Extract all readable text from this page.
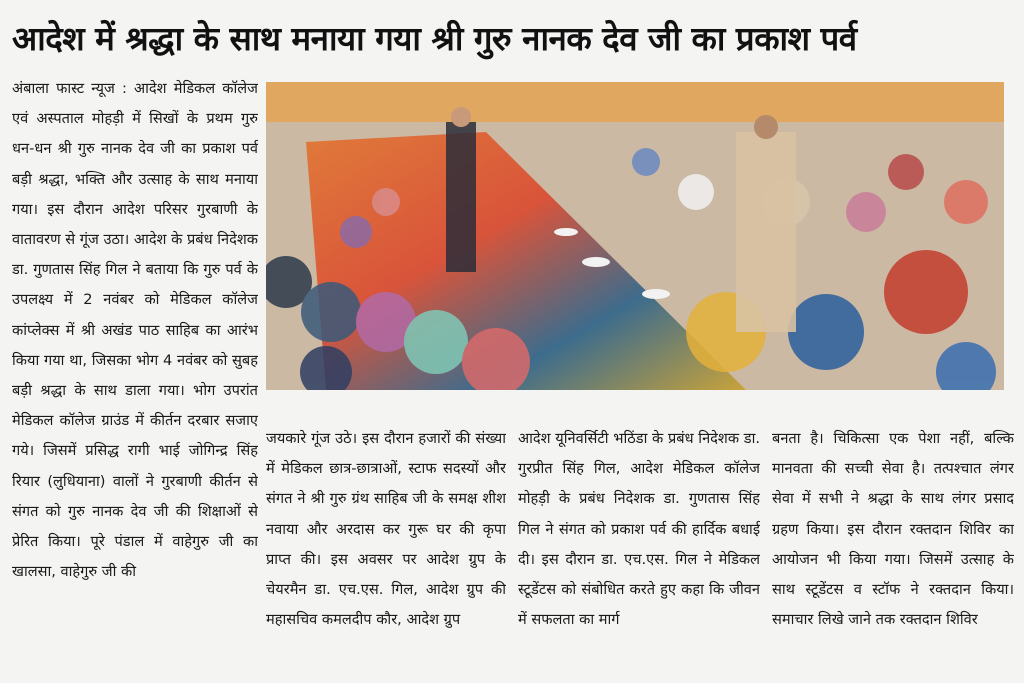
आदेश में श्रद्धा के साथ मनाया गया श्री गुरु नानक देव जी का प्रकाश पर्व

अंबाला फास्ट न्यूज : आदेश मेडिकल कॉलेज एवं अस्पताल मोहड़ी में सिखों के प्रथम गुरु धन-धन श्री गुरु नानक देव जी का प्रकाश पर्व बड़ी श्रद्धा, भक्ति और उत्साह के साथ मनाया गया। इस दौरान आदेश परिसर गुरबाणी के वातावरण से गूंज उठा। आदेश के प्रबंध निदेशक डा. गुणतास सिंह गिल ने बताया कि गुरु पर्व के उपलक्ष्य में 2 नवंबर को मेडिकल कॉलेज कांप्लेक्स में श्री अखंड पाठ साहिब का आरंभ किया गया था, जिसका भोग 4 नवंबर को सुबह बड़ी श्रद्धा के साथ डाला गया। भोग उपरांत मेडिकल कॉलेज ग्राउंड में कीर्तन दरबार सजाए गये। जिसमें प्रसिद्ध रागी भाई जोगिन्द्र सिंह रियार (लुधियाना) वालों ने गुरबाणी कीर्तन से संगत को गुरु नानक देव जी की शिक्षाओं से प्रेरित किया। पूरे पंडाल में वाहेगुरु जी का खालसा, वाहेगुरु जी की

जयकारे गूंज उठे। इस दौरान हजारों की संख्या में मेडिकल छात्र-छात्राओं, स्टाफ सदस्यों और संगत ने श्री गुरु ग्रंथ साहिब जी के समक्ष शीश नवाया और अरदास कर गुरू घर की कृपा प्राप्त की। इस अवसर पर आदेश ग्रुप के चेयरमैन डा. एच.एस. गिल, आदेश ग्रुप की महासचिव कमलदीप कौर, आदेश ग्रुप

आदेश यूनिवर्सिटी भठिंडा के प्रबंध निदेशक डा. गुरप्रीत सिंह गिल, आदेश मेडिकल कॉलेज मोहड़ी के प्रबंध निदेशक डा. गुणतास सिंह गिल ने संगत को प्रकाश पर्व की हार्दिक बधाई दी। इस दौरान डा. एच.एस. गिल ने मेडिकल स्टूडेंटस को संबोधित करते हुए कहा कि जीवन में सफलता का मार्ग

बनता है। चिकित्सा एक पेशा नहीं, बल्कि मानवता की सच्ची सेवा है। तत्पश्चात लंगर सेवा में सभी ने श्रद्धा के साथ लंगर प्रसाद ग्रहण किया। इस दौरान रक्तदान शिविर का आयोजन भी किया गया। जिसमें उत्साह के साथ स्टूडेंटस व स्टॉफ ने रक्तदान किया। समाचार लिखे जाने तक रक्तदान शिविर
